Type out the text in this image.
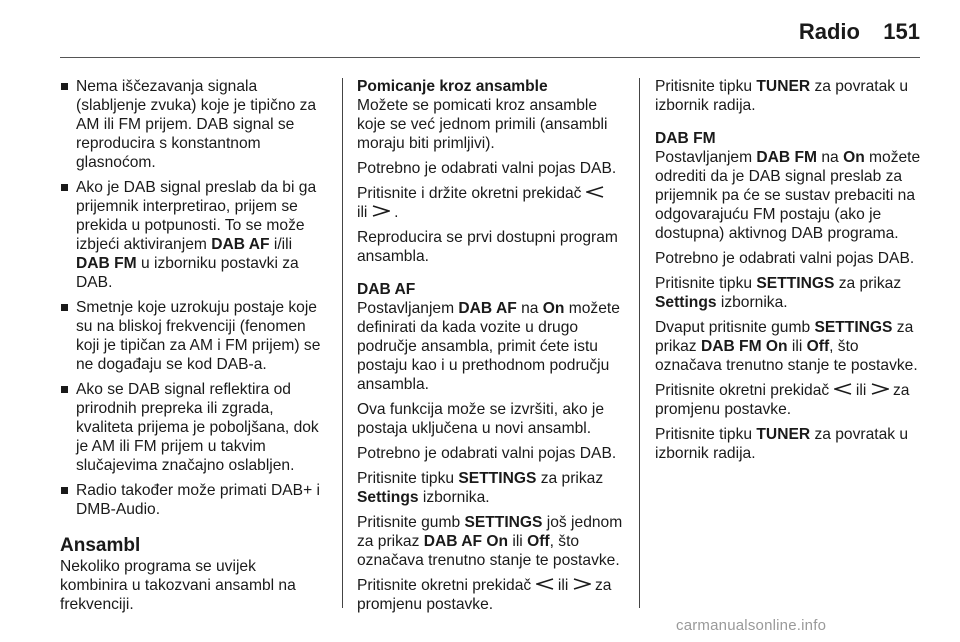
Radio 151
Nema iščezavanja signala (slabljenje zvuka) koje je tipično za AM ili FM prijem. DAB signal se reproducira s konstantnom glasnoćom.
Ako je DAB signal preslab da bi ga prijemnik interpretirao, prijem se prekida u potpunosti. To se može izbjeći aktiviranjem DAB AF i/ili
DAB FM u izborniku postavki za DAB.
Smetnje koje uzrokuju postaje koje su na bliskoj frekvenciji (fenomen koji je tipičan za AM i FM prijem) se ne događaju se kod DAB-a.
Ako se DAB signal reflektira od prirodnih prepreka ili zgrada, kvaliteta prijema je poboljšana, dok je AM ili FM prijem u takvim slučajevima značajno oslabljen.
Radio također može primati DAB+ i DMB-Audio.
Ansambl

Nekoliko programa se uvijek kombinira u takozvani ansambl na frekvenciji.

Pomicanje kroz ansamble

Možete se pomicati kroz ansamble koje se već jednom primili (ansambli moraju biti primljivi).

Potrebno je odabrati valni pojas DAB.

Pritisnite i držite okretni prekidač
ili  .

Reproducira se prvi dostupni program ansambla.

DAB AF

Postavljanjem DAB AF na On možete definirati da kada vozite u drugo područje ansambla, primit ćete istu postaju kao i u prethodnom području ansambla.

Ova funkcija može se izvršiti, ako je postaja uključena u novi ansambl.

Potrebno je odabrati valni pojas DAB.

Pritisnite tipku SETTINGS za prikaz
Settings izbornika.

Pritisnite gumb SETTINGS još jednom za prikaz DAB AF On ili Off, što označava trenutno stanje te postavke.

Pritisnite okretni prekidač ili za promjenu postavke.

Pritisnite tipku TUNER za povratak u izbornik radija.

DAB FM

Postavljanjem DAB FM na On možete odrediti da je DAB signal preslab za prijemnik pa će se sustav prebaciti na odgovarajuću FM postaju (ako je dostupna) aktivnog DAB programa.

Potrebno je odabrati valni pojas DAB.

Pritisnite tipku SETTINGS za prikaz
Settings izbornika.

Dvaput pritisnite gumb SETTINGS za prikaz DAB FM On ili Off, što označava trenutno stanje te postavke.

Pritisnite okretni prekidač ili za promjenu postavke.

Pritisnite tipku TUNER za povratak u izbornik radija.

carmanualsonline.info
